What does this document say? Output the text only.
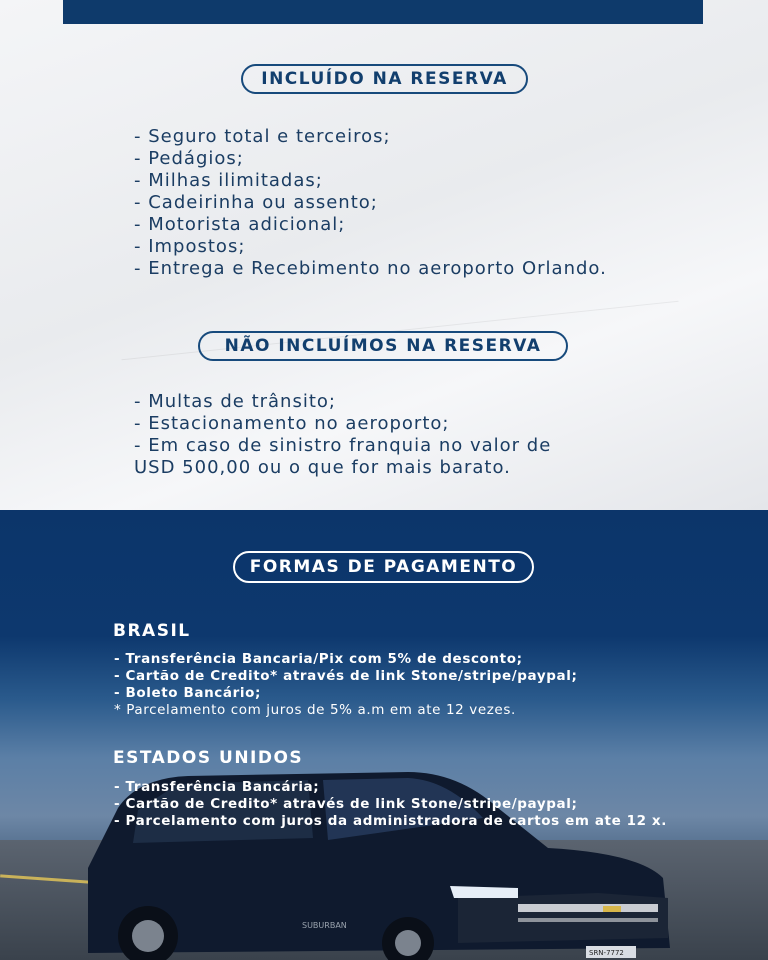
INCLUÍDO NA RESERVA
- Seguro total e terceiros;
- Pedágios;
- Milhas ilimitadas;
- Cadeirinha ou assento;
- Motorista adicional;
- Impostos;
- Entrega e Recebimento no aeroporto Orlando.
NÃO INCLUÍMOS NA RESERVA
- Multas de trânsito;
- Estacionamento no aeroporto;
- Em caso de sinistro franquia no valor de
USD 500,00 ou o que for mais barato.
SUBURBAN
SRN-7772
FORMAS DE PAGAMENTO
BRASIL
- Transferência Bancaria/Pix com 5% de desconto;
- Cartão de Credito* através de link Stone/stripe/paypal;
- Boleto Bancário;
* Parcelamento com juros de 5% a.m em ate 12 vezes.
ESTADOS UNIDOS
- Transferência Bancária;
- Cartão de Credito* através de link Stone/stripe/paypal;
- Parcelamento com juros da administradora de cartos em ate 12 x.
